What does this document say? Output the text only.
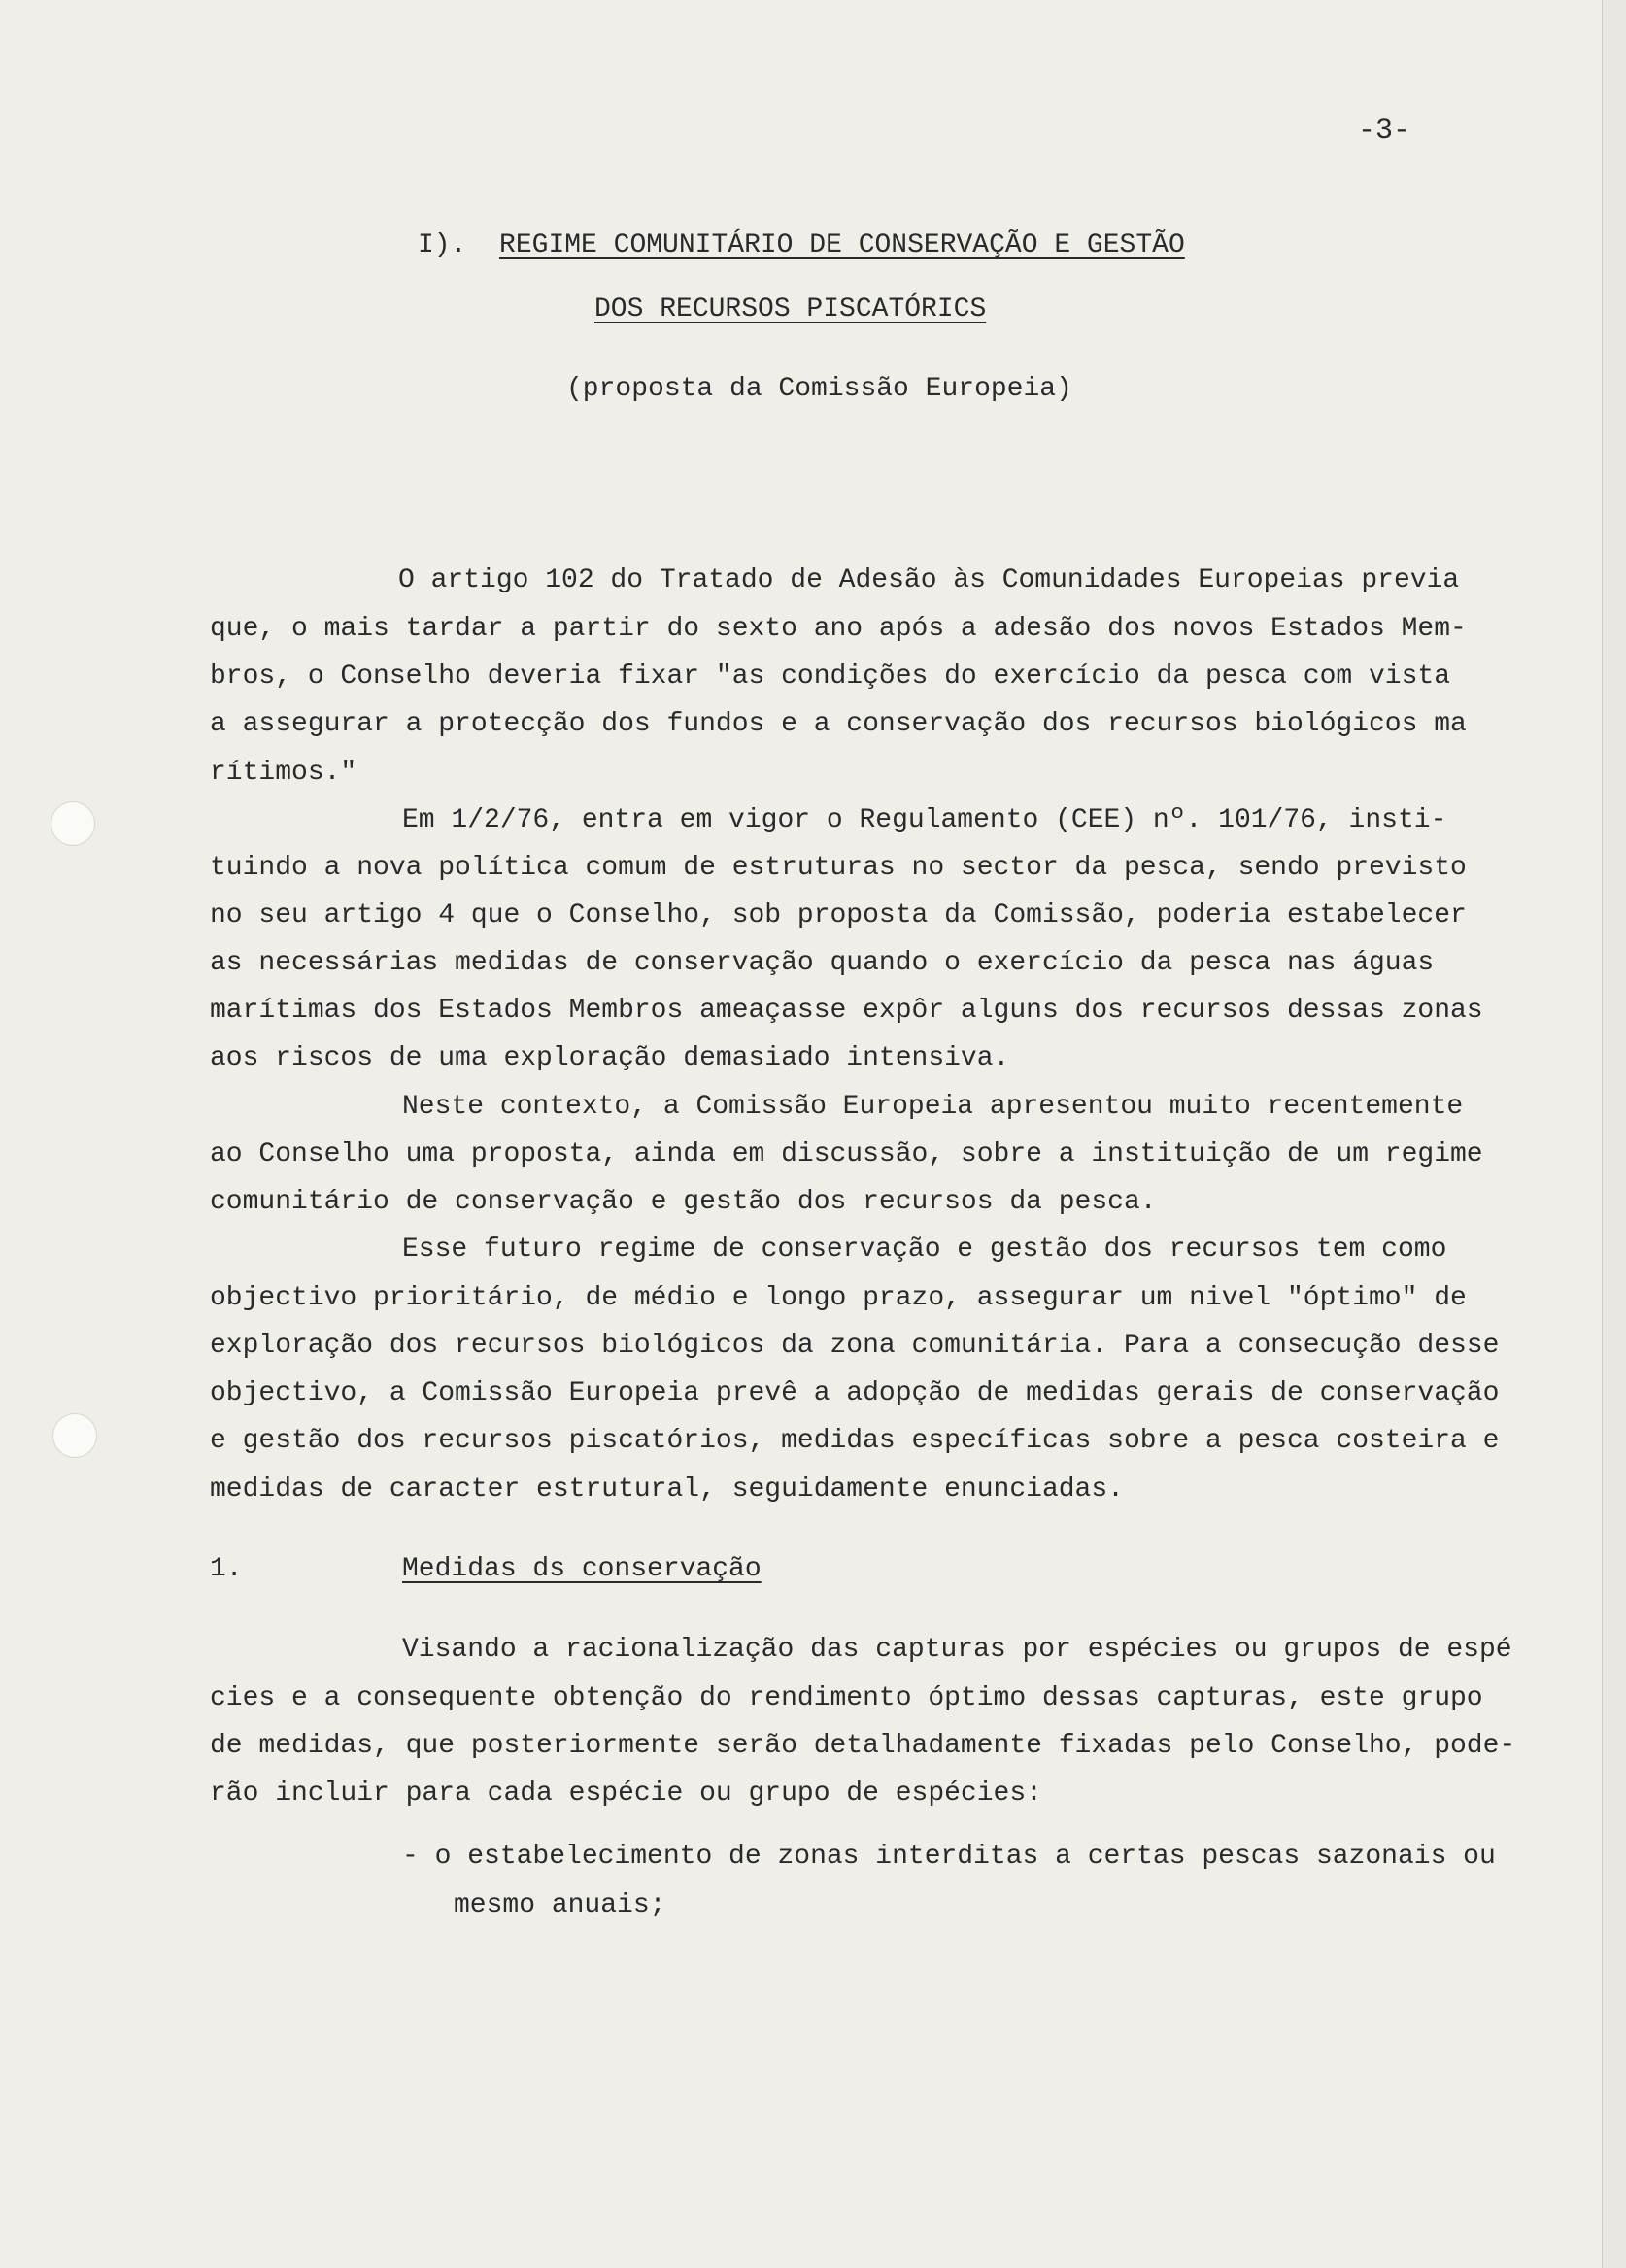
-3-
I). REGIME COMUNITÁRIO DE CONSERVAÇÃO E GESTÃO
DOS RECURSOS PISCATÓRICS
(proposta da Comissão Europeia)
O artigo 102 do Tratado de Adesão às Comunidades Europeias previa
que, o mais tardar a partir do sexto ano após a adesão dos novos Estados Mem-
bros, o Conselho deveria fixar "as condições do exercício da pesca com vista
a assegurar a protecção dos fundos e a conservação dos recursos biológicos ma
rítimos."
Em 1/2/76, entra em vigor o Regulamento (CEE) nº. 101/76, insti-
tuindo a nova política comum de estruturas no sector da pesca, sendo previsto
no seu artigo 4 que o Conselho, sob proposta da Comissão, poderia estabelecer
as necessárias medidas de conservação quando o exercício da pesca nas águas
marítimas dos Estados Membros ameaçasse expôr alguns dos recursos dessas zonas
aos riscos de uma exploração demasiado intensiva.
Neste contexto, a Comissão Europeia apresentou muito recentemente
ao Conselho uma proposta, ainda em discussão, sobre a instituição de um regime
comunitário de conservação e gestão dos recursos da pesca.
Esse futuro regime de conservação e gestão dos recursos tem como
objectivo prioritário, de médio e longo prazo, assegurar um nivel "óptimo" de
exploração dos recursos biológicos da zona comunitária. Para a consecução desse
objectivo, a Comissão Europeia prevê a adopção de medidas gerais de conservação
e gestão dos recursos piscatórios, medidas específicas sobre a pesca costeira e
medidas de caracter estrutural, seguidamente enunciadas.
1.	Medidas ds conservação
Visando a racionalização das capturas por espécies ou grupos de espé
cies e a consequente obtenção do rendimento óptimo dessas capturas, este grupo
de medidas, que posteriormente serão detalhadamente fixadas pelo Conselho, pode-
rão incluir para cada espécie ou grupo de espécies:
- o estabelecimento de zonas interditas a certas pescas sazonais ou
mesmo anuais;
